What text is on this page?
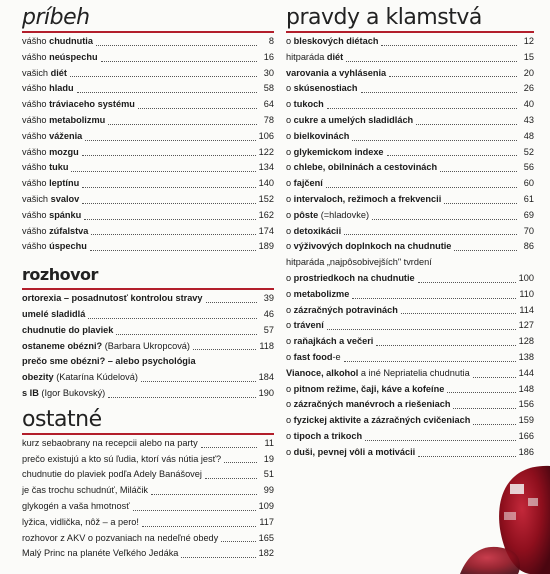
príbeh
vášho chudnutia	8
vášho neúspechu	16
vašich diét	30
vášho hladu	58
vášho tráviaceho systému	64
vášho metabolizmu	78
vášho váženia	106
vášho mozgu	122
vášho tuku	134
vášho leptínu	140
vašich svalov	152
vášho spánku	162
vášho zúfalstva	174
vášho úspechu	189
rozhovor
ortorexia – posadnutosť kontrolou stravy	39
umelé sladidlá	46
chudnutie do plaviek	57
ostaneme obézni? (Barbara Ukropcová)	118
prečo sme obézni? – alebo psychológia
obezity (Katarína Kúdelová)	184
s IB (Igor Bukovský)	190
ostatné
kurz sebaobrany na recepcii alebo na party	11
prečo existujú a kto sú ľudia, ktorí vás nútia jesť?	19
chudnutie do plaviek podľa Adely Banášovej	51
je čas trochu schudnúť, Miláčik	99
glykogén a vaša hmotnosť	109
lyžica, vidlička, nôž – a pero!	117
rozhovor z AKV o pozvaniach na nedeľné obedy	165
Malý Princ na planéte Veľkého Jedáka	182
pravdy a klamstvá
o bleskových diétach	12
hitparáda diét	15
varovania a vyhlásenia	20
o skúsenostiach	26
o tukoch	40
o cukre a umelých sladidlách	43
o bielkovinách	48
o glykemickom indexe	52
o chlebe, obilninách a cestovinách	56
o fajčení	60
o intervaloch, režimoch a frekvencii	61
o pôste (=hladovke)	69
o detoxikácii	70
o výživových doplnkoch na chudnutie	86
hitparáda „najpôsobivejších" tvrdení
o prostriedkoch na chudnutie	100
o metabolizme	110
o zázračných potravinách	114
o trávení	127
o raňajkách a večeri	128
o fast food-e	138
Vianoce, alkohol a iné Nepriatelia chudnutia	144
o pitnom režime, čaji, káve a kofeíne	148
o zázračných manévroch a riešeniach	156
o fyzickej aktivite a zázračných cvičeniach	159
o tipoch a trikoch	166
o duši, pevnej vôli a motivácii	186
